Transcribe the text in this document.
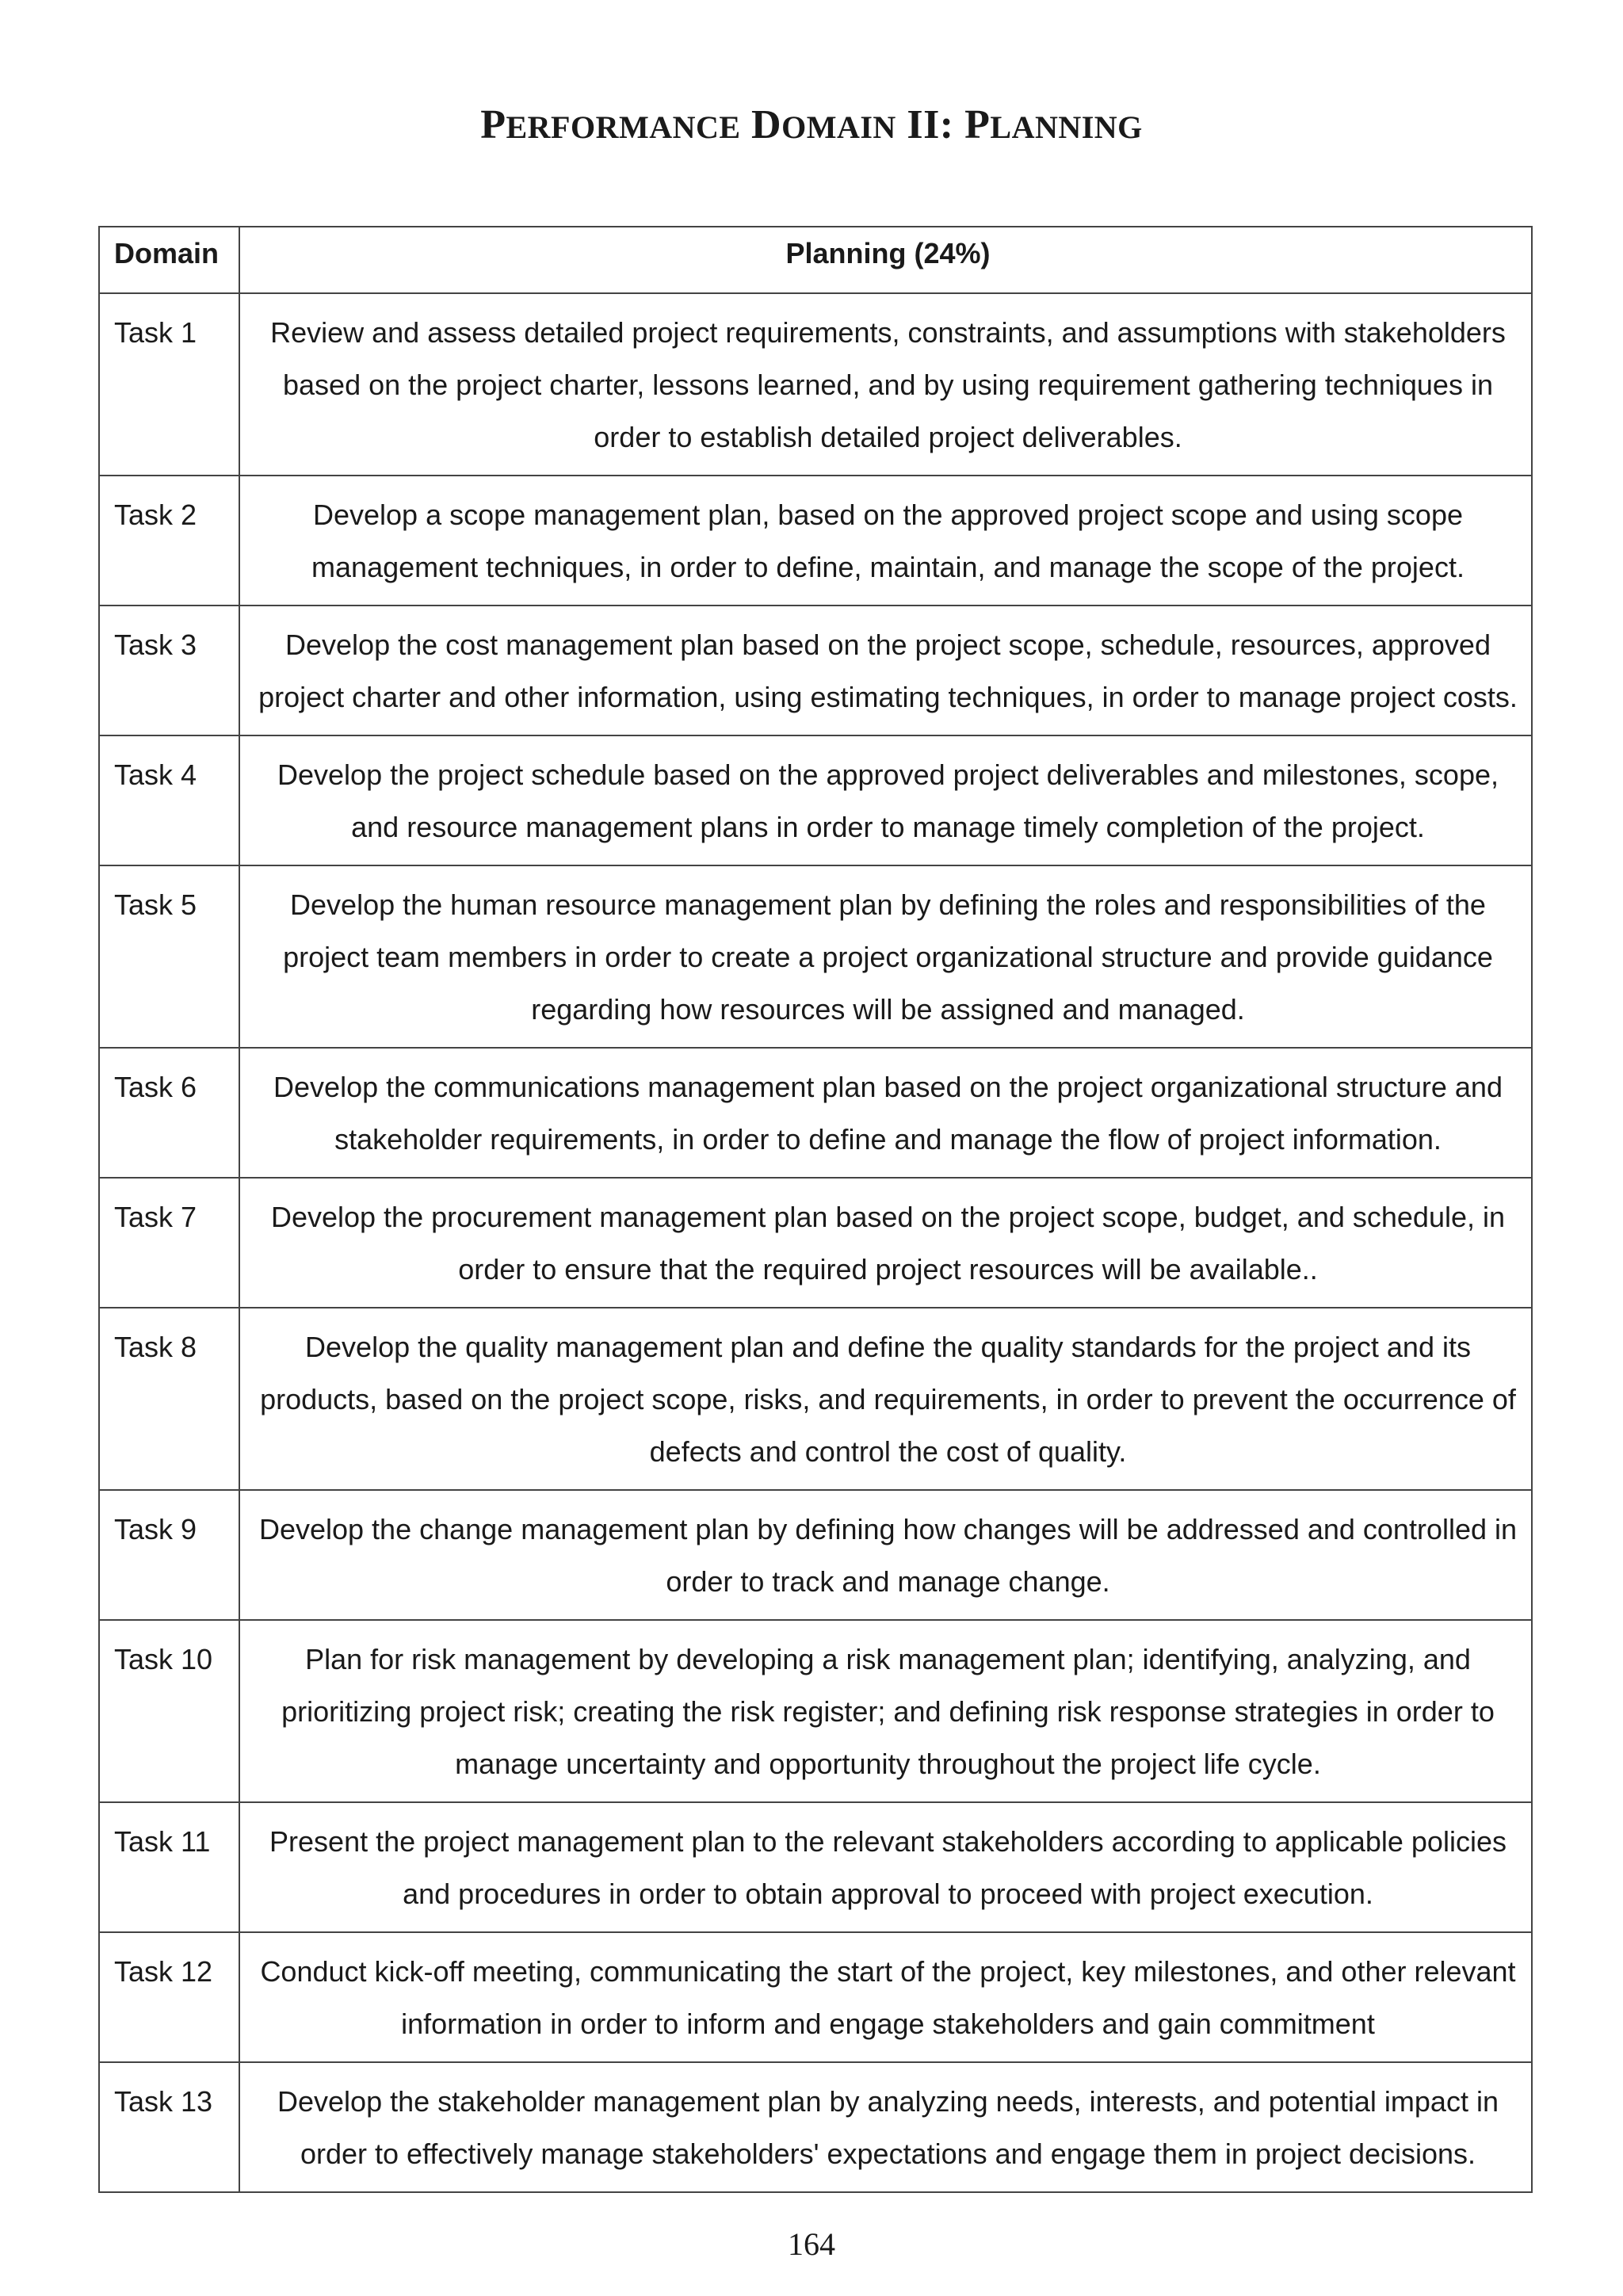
PERFORMANCE DOMAIN II: PLANNING
Domain	Planning (24%)
Task 1	Review and assess detailed project requirements, constraints, and assumptions with stakeholders based on the project charter, lessons learned, and by using requirement gathering techniques in order to establish detailed project deliverables.
Task 2	Develop a scope management plan, based on the approved project scope and using scope management techniques, in order to define, maintain, and manage the scope of the project.
Task 3	Develop the cost management plan based on the project scope, schedule, resources, approved project charter and other information, using estimating techniques, in order to manage project costs.
Task 4	Develop the project schedule based on the approved project deliverables and milestones, scope, and resource management plans in order to manage timely completion of the project.
Task 5	Develop the human resource management plan by defining the roles and responsibilities of the project team members in order to create a project organizational structure and provide guidance regarding how resources will be assigned and managed.
Task 6	Develop the communications management plan based on the project organizational structure and stakeholder requirements, in order to define and manage the flow of project information.
Task 7	Develop the procurement management plan based on the project scope, budget, and schedule, in order to ensure that the required project resources will be available..
Task 8	Develop the quality management plan and define the quality standards for the project and its products, based on the project scope, risks, and requirements, in order to prevent the occurrence of defects and control the cost of quality.
Task 9	Develop the change management plan by defining how changes will be addressed and controlled in order to track and manage change.
Task 10	Plan for risk management by developing a risk management plan; identifying, analyzing, and prioritizing project risk; creating the risk register; and defining risk response strategies in order to manage uncertainty and opportunity throughout the project life cycle.
Task 11	Present the project management plan to the relevant stakeholders according to applicable policies and procedures in order to obtain approval to proceed with project execution.
Task 12	Conduct kick-off meeting, communicating the start of the project, key milestones, and other relevant information in order to inform and engage stakeholders and gain commitment
Task 13	Develop the stakeholder management plan by analyzing needs, interests, and potential impact in order to effectively manage stakeholders' expectations and engage them in project decisions.
164
